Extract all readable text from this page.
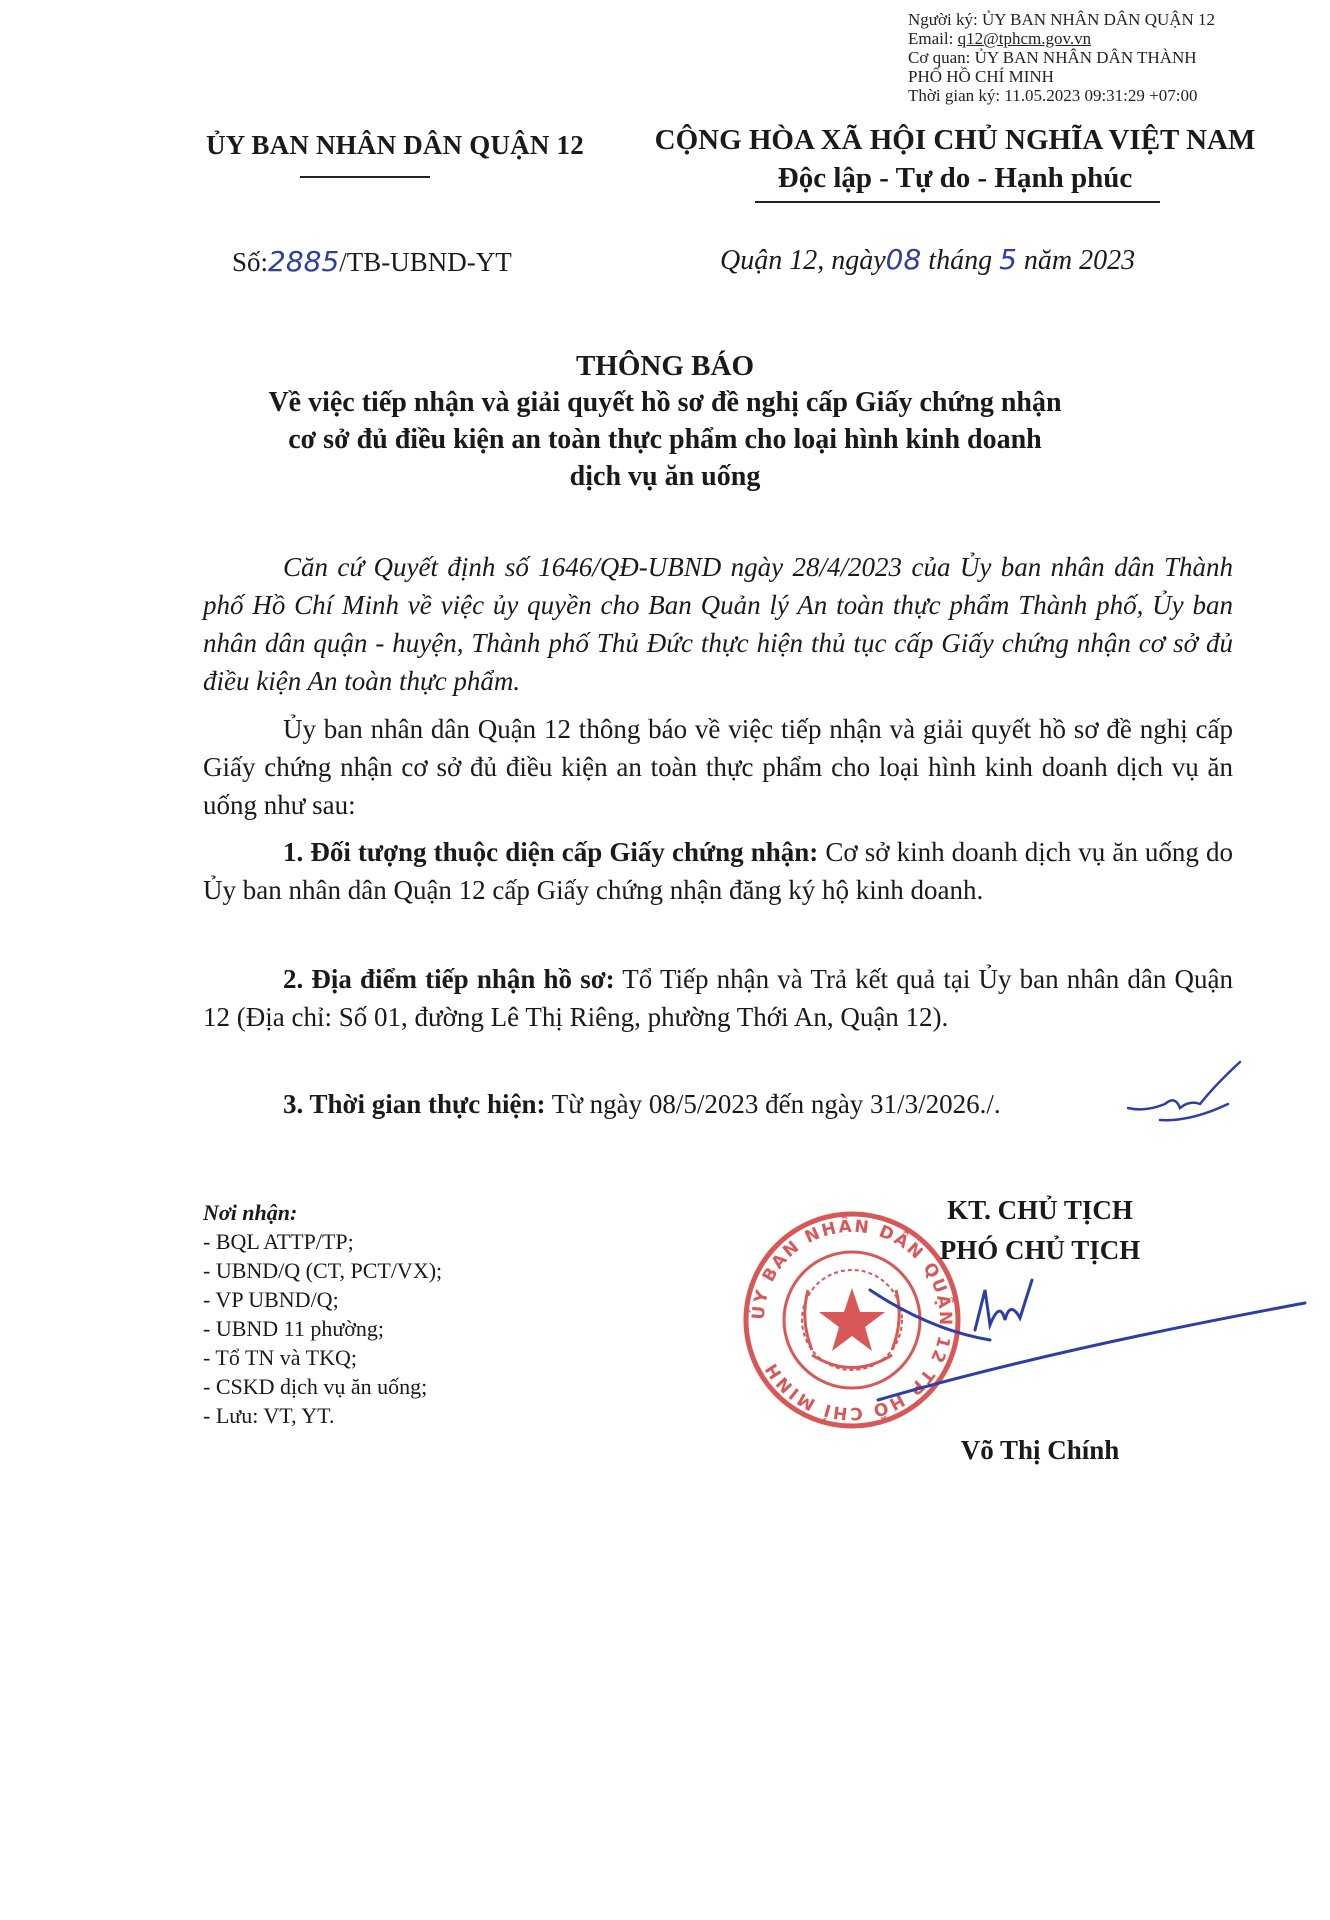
Người ký: ỦY BAN NHÂN DÂN QUẬN 12
Email: q12@tphcm.gov.vn
Cơ quan: ỦY BAN NHÂN DÂN THÀNH
PHỐ HỒ CHÍ MINH
Thời gian ký: 11.05.2023 09:31:29 +07:00
ỦY BAN NHÂN DÂN QUẬN 12	CỘNG HÒA XÃ HỘI CHỦ NGHĨA VIỆT NAM
Độc lập - Tự do - Hạnh phúc
Số:2885/TB-UBND-YT	Quận 12, ngày08 tháng 5 năm 2023
THÔNG BÁO
Về việc tiếp nhận và giải quyết hồ sơ đề nghị cấp Giấy chứng nhận
cơ sở đủ điều kiện an toàn thực phẩm cho loại hình kinh doanh
dịch vụ ăn uống

Căn cứ Quyết định số 1646/QĐ-UBND ngày 28/4/2023 của Ủy ban nhân dân Thành phố Hồ Chí Minh về việc ủy quyền cho Ban Quản lý An toàn thực phẩm Thành phố, Ủy ban nhân dân quận - huyện, Thành phố Thủ Đức thực hiện thủ tục cấp Giấy chứng nhận cơ sở đủ điều kiện An toàn thực phẩm.

Ủy ban nhân dân Quận 12 thông báo về việc tiếp nhận và giải quyết hồ sơ đề nghị cấp Giấy chứng nhận cơ sở đủ điều kiện an toàn thực phẩm cho loại hình kinh doanh dịch vụ ăn uống như sau:

1. Đối tượng thuộc diện cấp Giấy chứng nhận: Cơ sở kinh doanh dịch vụ ăn uống do Ủy ban nhân dân Quận 12 cấp Giấy chứng nhận đăng ký hộ kinh doanh.

2. Địa điểm tiếp nhận hồ sơ: Tổ Tiếp nhận và Trả kết quả tại Ủy ban nhân dân Quận 12 (Địa chỉ: Số 01, đường Lê Thị Riêng, phường Thới An, Quận 12).

3. Thời gian thực hiện: Từ ngày 08/5/2023 đến ngày 31/3/2026./.

Nơi nhận:
- BQL ATTP/TP;
- UBND/Q (CT, PCT/VX);
- VP UBND/Q;
- UBND 11 phường;
- Tổ TN và TKQ;
- CSKD dịch vụ ăn uống;
- Lưu: VT, YT.
ỦY BAN NHÂN DÂN QUẬN 12 TP HỒ CHÍ MINH
KT. CHỦ TỊCH
PHÓ CHỦ TỊCH
Võ Thị Chính
